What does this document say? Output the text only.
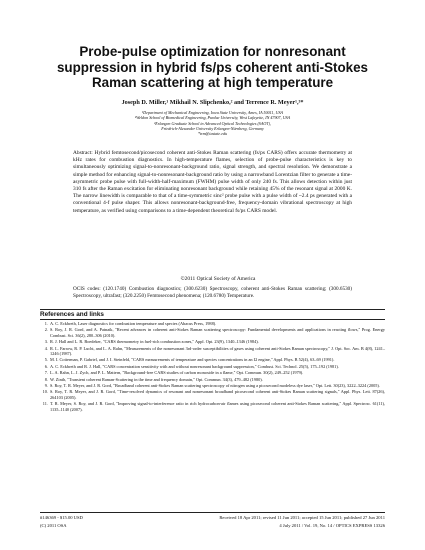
Probe-pulse optimization for nonresonant suppression in hybrid fs/ps coherent anti-Stokes Raman scattering at high temperature
Joseph D. Miller,¹ Mikhail N. Slipchenko,² and Terrence R. Meyer¹,³*
¹Department of Mechanical Engineering, Iowa State University, Ames, IA 50011, USA
²Weldon School of Biomedical Engineering, Purdue University, West Lafayette, IN 47907, USA
³Erlangen Graduate School in Advanced Optical Technologies (SAOT),
Friedrich-Alexander University Erlangen-Nürnberg, Germany
*trm@iastate.edu
Abstract: Hybrid femtosecond/picosecond coherent anti-Stokes Raman scattering (fs/ps CARS) offers accurate thermometry at kHz rates for combustion diagnostics. In high-temperature flames, selection of probe-pulse characteristics is key to simultaneously optimizing signal-to-nonresonant-background ratio, signal strength, and spectral resolution. We demonstrate a simple method for enhancing signal-to-nonresonant-background ratio by using a narrowband Lorentzian filter to generate a time-asymmetric probe pulse with full-width-half-maximum (FWHM) pulse width of only 240 fs. This allows detection within just 310 fs after the Raman excitation for eliminating nonresonant background while retaining 45% of the resonant signal at 2000 K. The narrow linewidth is comparable to that of a time-symmetric sinc² probe pulse with a pulse width of ~2.4 ps generated with a conventional 4-f pulse shaper. This allows nonresonant-background-free, frequency-domain vibrational spectroscopy at high temperature, as verified using comparisons to a time-dependent theoretical fs/ps CARS model.
©2011 Optical Society of America
OCIS codes: (120.1740) Combustion diagnostics; (300.6230) Spectroscopy, coherent anti-Stokes Raman scattering; (300.6530) Spectroscopy, ultrafast; (320.2250) Femtosecond phenomena; (120.6780) Temperature.
References and links
1. A. C. Eckbreth, Laser diagnostics for combustion temperature and species (Abacus Press, 1988).
2. S. Roy, J. R. Gord, and A. Patnaik, "Recent advances in coherent anti-Stokes Raman scattering spectroscopy: Fundamental developments and applications in reacting flows," Prog. Energy Combust. Sci. 36(2), 280–306 (2010).
3. R. J. Hall and L. R. Boedeker, "CARS thermometry in fuel-rich combustion zones," Appl. Opt. 23(9), 1340–1346 (1984).
4. R. L. Farrow, R. P. Lucht, and L. A. Rahn, "Measurements of the nonresonant 3rd-order susceptibilities of gases using coherent anti-Stokes Raman spectroscopy," J. Opt. Soc. Am. B 4(8), 1241–1246 (1987).
5. M. I. Cotterman, P. Gabriel, and J. I. Steinfeld, "CARS measurements of temperature and species concentrations in an I2 engine," Appl. Phys. B 52(4), 63–69 (1991).
6. A. C. Eckbreth and R. J. Hall, "CARS concentration sensitivity with and without nonresonant background suppression," Combust. Sci. Technol. 25(5), 175–192 (1981).
7. L. A. Rahn, L. J. Zych, and P. L. Mattern, "Background-free CARS studies of carbon monoxide in a flame," Opt. Commun. 30(2), 249–252 (1979).
8. W. Zinth, "Transient coherent Raman-Scattering in the time and frequency domain," Opt. Commun. 34(3), 479–482 (1980).
9. S. Roy, T. R. Meyer, and J. R. Gord, "Broadband coherent anti-Stokes Raman scattering spectroscopy of nitrogen using a picosecond modeless dye laser," Opt. Lett. 30(23), 3222–3224 (2005).
10. S. Roy, T. R. Meyer, and J. R. Gord, "Time-resolved dynamics of resonant and nonresonant broadband picosecond coherent anti-Stokes Raman scattering signals," Appl. Phys. Lett. 87(26), 264103 (2005).
11. T. R. Meyer, S. Roy, and J. R. Gord, "Improving signal-to-interference ratio in rich hydrocarbon-air flames using picosecond coherent anti-Stokes Raman scattering," Appl. Spectrosc. 61(11), 1135–1140 (2007).
#146369 - $15.00 USD	Received 18 Apr 2011; revised 11 Jun 2011; accepted 15 Jun 2011; published 27 Jun 2011
(C) 2011 OSA	4 July 2011 / Vol. 19, No. 14 / OPTICS EXPRESS 13326
